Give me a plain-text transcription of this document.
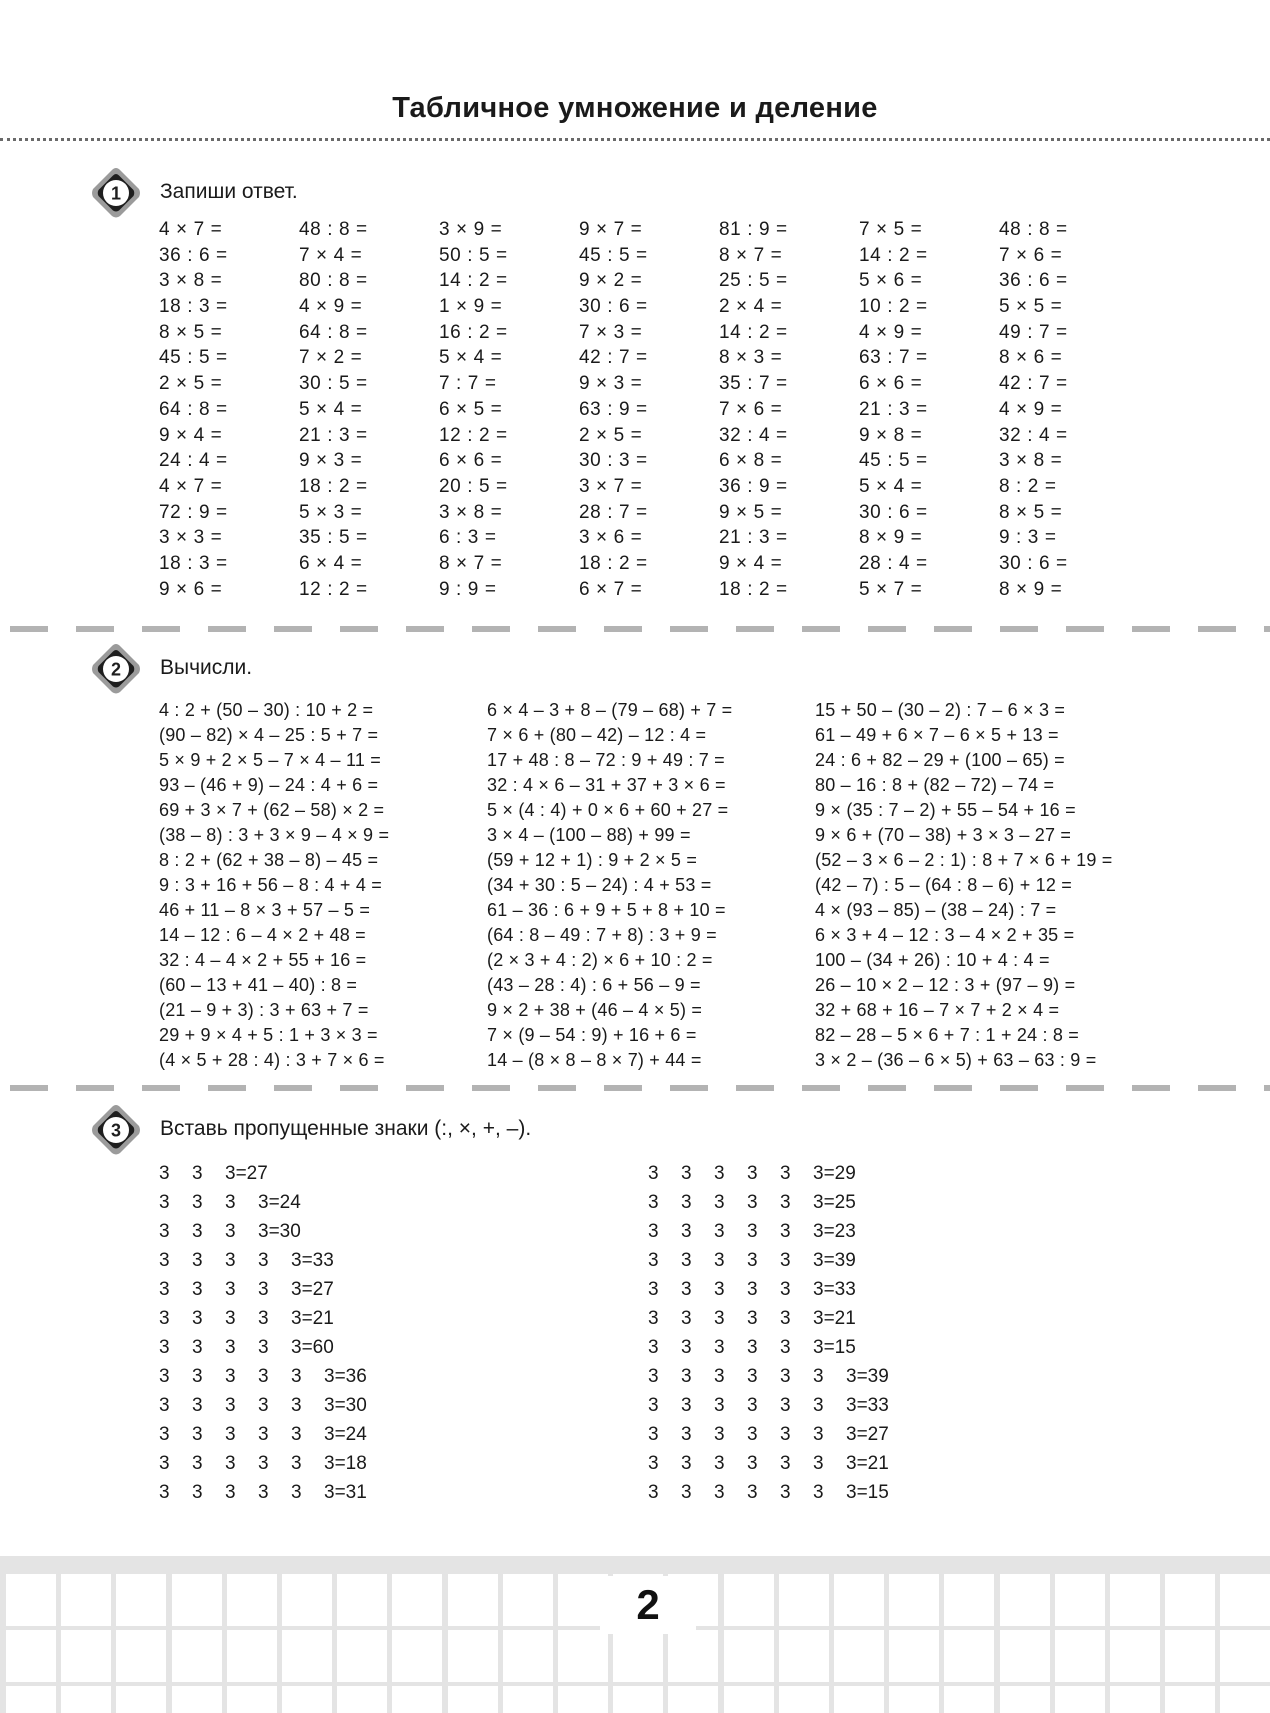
Табличное умножение и деление
1 Запиши ответ.
4 × 7 =
36 : 6 =
3 × 8 =
18 : 3 =
8 × 5 =
45 : 5 =
2 × 5 =
64 : 8 =
9 × 4 =
24 : 4 =
4 × 7 =
72 : 9 =
3 × 3 =
18 : 3 =
9 × 6 =
48 : 8 =
7 × 4 =
80 : 8 =
4 × 9 =
64 : 8 =
7 × 2 =
30 : 5 =
5 × 4 =
21 : 3 =
9 × 3 =
18 : 2 =
5 × 3 =
35 : 5 =
6 × 4 =
12 : 2 =
3 × 9 =
50 : 5 =
14 : 2 =
1 × 9 =
16 : 2 =
5 × 4 =
7 : 7 =
6 × 5 =
12 : 2 =
6 × 6 =
20 : 5 =
3 × 8 =
6 : 3 =
8 × 7 =
9 : 9 =
9 × 7 =
45 : 5 =
9 × 2 =
30 : 6 =
7 × 3 =
42 : 7 =
9 × 3 =
63 : 9 =
2 × 5 =
30 : 3 =
3 × 7 =
28 : 7 =
3 × 6 =
18 : 2 =
6 × 7 =
81 : 9 =
8 × 7 =
25 : 5 =
2 × 4 =
14 : 2 =
8 × 3 =
35 : 7 =
7 × 6 =
32 : 4 =
6 × 8 =
36 : 9 =
9 × 5 =
21 : 3 =
9 × 4 =
18 : 2 =
7 × 5 =
14 : 2 =
5 × 6 =
10 : 2 =
4 × 9 =
63 : 7 =
6 × 6 =
21 : 3 =
9 × 8 =
45 : 5 =
5 × 4 =
30 : 6 =
8 × 9 =
28 : 4 =
5 × 7 =
48 : 8 =
7 × 6 =
36 : 6 =
5 × 5 =
49 : 7 =
8 × 6 =
42 : 7 =
4 × 9 =
32 : 4 =
3 × 8 =
8 : 2 =
8 × 5 =
9 : 3 =
30 : 6 =
8 × 9 =
2 Вычисли.
4 : 2 + (50 – 30) : 10 + 2 =
(90 – 82) × 4 – 25 : 5 + 7 =
5 × 9 + 2 × 5 – 7 × 4 – 11 =
93 – (46 + 9) – 24 : 4 + 6 =
69 + 3 × 7 + (62 – 58) × 2 =
(38 – 8) : 3 + 3 × 9 – 4 × 9 =
8 : 2 + (62 + 38 – 8) – 45 =
9 : 3 + 16 + 56 – 8 : 4 + 4 =
46 + 11 – 8 × 3 + 57 – 5 =
14 – 12 : 6 – 4 × 2 + 48 =
32 : 4 – 4 × 2 + 55 + 16 =
(60 – 13 + 41 – 40) : 8 =
(21 – 9 + 3) : 3 + 63 + 7 =
29 + 9 × 4 + 5 : 1 + 3 × 3 =
(4 × 5 + 28 : 4) : 3 + 7 × 6 =
6 × 4 – 3 + 8 – (79 – 68) + 7 =
7 × 6 + (80 – 42) – 12 : 4 =
17 + 48 : 8 – 72 : 9 + 49 : 7 =
32 : 4 × 6 – 31 + 37 + 3 × 6 =
5 × (4 : 4) + 0 × 6 + 60 + 27 =
3 × 4 – (100 – 88) + 99 =
(59 + 12 + 1) : 9 + 2 × 5 =
(34 + 30 : 5 – 24) : 4 + 53 =
61 – 36 : 6 + 9 + 5 + 8 + 10 =
(64 : 8 – 49 : 7 + 8) : 3 + 9 =
(2 × 3 + 4 : 2) × 6 + 10 : 2 =
(43 – 28 : 4) : 6 + 56 – 9 =
9 × 2 + 38 + (46 – 4 × 5) =
7 × (9 – 54 : 9) + 16 + 6 =
14 – (8 × 8 – 8 × 7) + 44 =
15 + 50 – (30 – 2) : 7 – 6 × 3 =
61 – 49 + 6 × 7 – 6 × 5 + 13 =
24 : 6 + 82 – 29 + (100 – 65) =
80 – 16 : 8 + (82 – 72) – 74 =
9 × (35 : 7 – 2) + 55 – 54 + 16 =
9 × 6 + (70 – 38) + 3 × 3 – 27 =
(52 – 3 × 6 – 2 : 1) : 8 + 7 × 6 + 19 =
(42 – 7) : 5 – (64 : 8 – 6) + 12 =
4 × (93 – 85) – (38 – 24) : 7 =
6 × 3 + 4 – 12 : 3 – 4 × 2 + 35 =
100 – (34 + 26) : 10 + 4 : 4 =
26 – 10 × 2 – 12 : 3 + (97 – 9) =
32 + 68 + 16 – 7 × 7 + 2 × 4 =
82 – 28 – 5 × 6 + 7 : 1 + 24 : 8 =
3 × 2 – (36 – 6 × 5) + 63 – 63 : 9 =
3 Вставь пропущенные знаки (:, ×, +, –).
3 3 3=27
3 3 3 3=24
3 3 3 3=30
3 3 3 3 3=33
3 3 3 3 3=27
3 3 3 3 3=21
3 3 3 3 3=60
3 3 3 3 3 3=36
3 3 3 3 3 3=30
3 3 3 3 3 3=24
3 3 3 3 3 3=18
3 3 3 3 3 3=31
3 3 3 3 3 3=29
3 3 3 3 3 3=25
3 3 3 3 3 3=23
3 3 3 3 3 3=39
3 3 3 3 3 3=33
3 3 3 3 3 3=21
3 3 3 3 3 3=15
3 3 3 3 3 3 3=39
3 3 3 3 3 3 3=33
3 3 3 3 3 3 3=27
3 3 3 3 3 3 3=21
3 3 3 3 3 3 3=15
2
